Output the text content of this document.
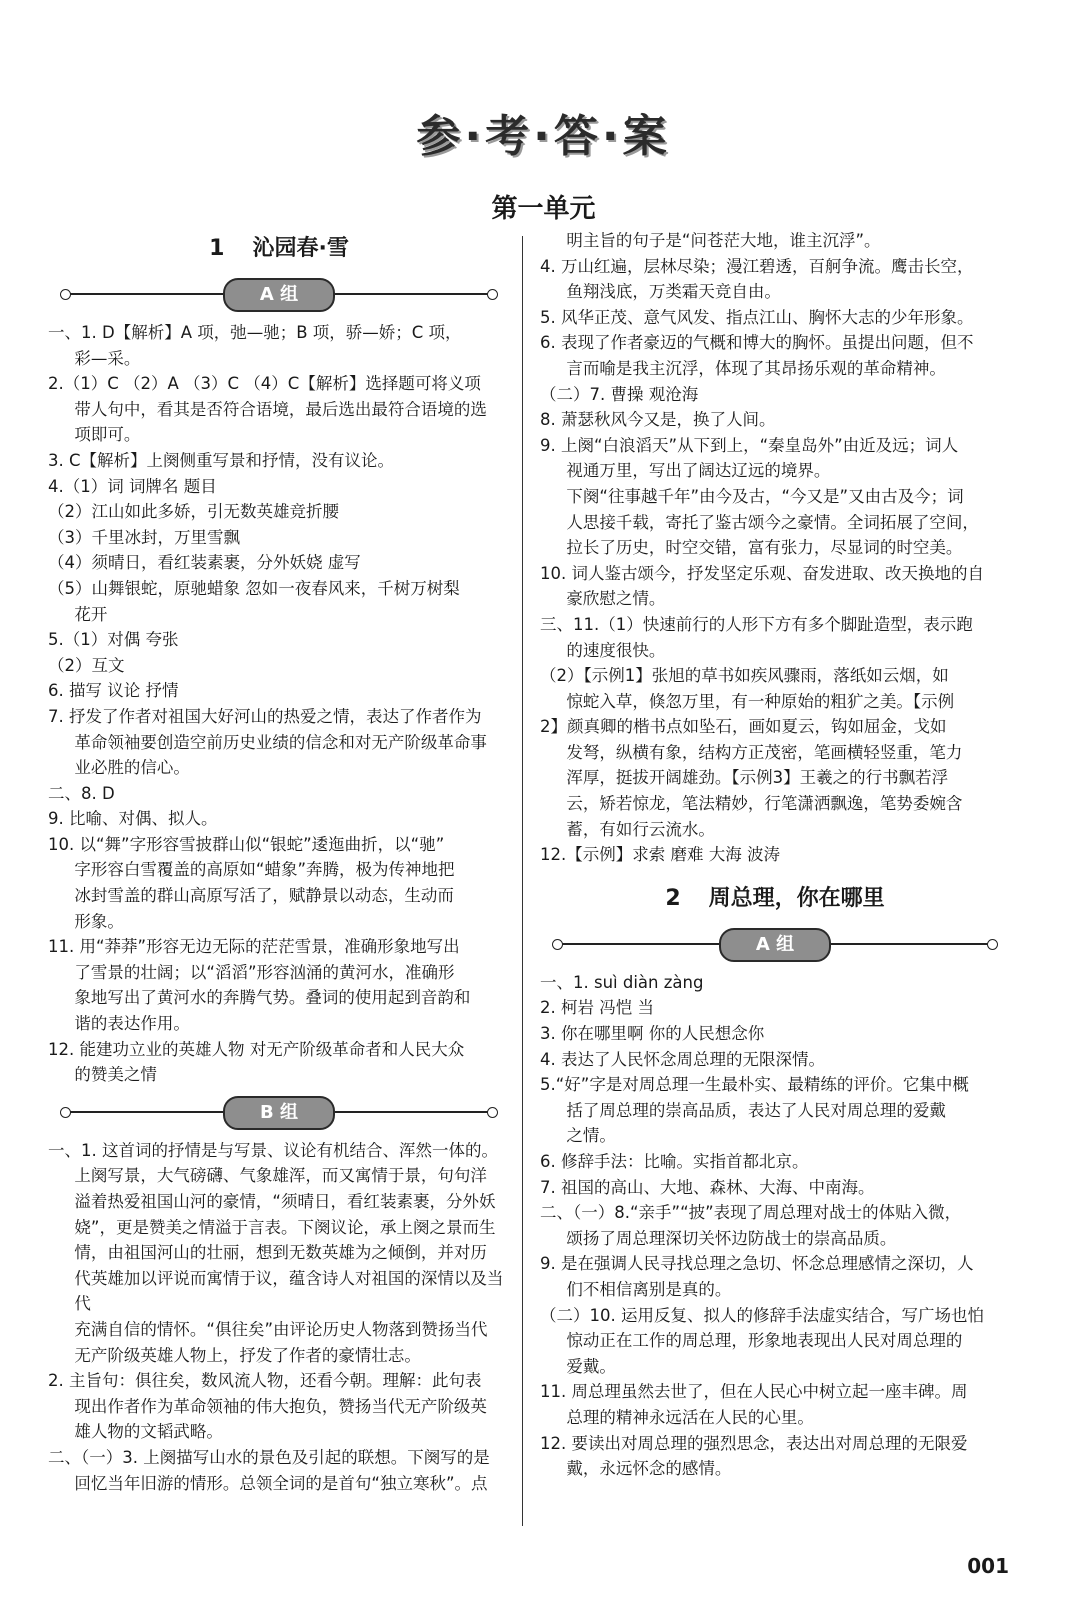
参·考·答·案
第一单元
1 沁园春·雪
A 组
一、1. D【解析】A 项，弛—驰；B 项，骄—娇；C 项，
彩—采。
2.（1）C （2）A （3）C （4）C【解析】选择题可将义项
带人句中，看其是否符合语境，最后选出最符合语境的选
项即可。
3. C【解析】上阕侧重写景和抒情，没有议论。
4.（1）词 词牌名 题目
（2）江山如此多娇，引无数英雄竞折腰
（3）千里冰封，万里雪飘
（4）须晴日，看红装素裹，分外妖娆 虚写
（5）山舞银蛇，原驰蜡象 忽如一夜春风来，千树万树梨
花开
5.（1）对偶 夸张
（2）互文
6. 描写 议论 抒情
7. 抒发了作者对祖国大好河山的热爱之情，表达了作者作为
革命领袖要创造空前历史业绩的信念和对无产阶级革命事
业必胜的信心。
二、8. D
9. 比喻、对偶、拟人。
10. 以“舞”字形容雪披群山似“银蛇”逶迤曲折，以“驰”
字形容白雪覆盖的高原如“蜡象”奔腾，极为传神地把
冰封雪盖的群山高原写活了，赋静景以动态，生动而
形象。
11. 用“莽莽”形容无边无际的茫茫雪景，准确形象地写出
了雪景的壮阔；以“滔滔”形容汹涌的黄河水，准确形
象地写出了黄河水的奔腾气势。叠词的使用起到音韵和
谐的表达作用。
12. 能建功立业的英雄人物 对无产阶级革命者和人民大众
的赞美之情
B 组
一、1. 这首词的抒情是与写景、议论有机结合、浑然一体的。
上阕写景，大气磅礴、气象雄浑，而又寓情于景，句句洋
溢着热爱祖国山河的豪情，“须晴日，看红装素裹，分外妖
娆”，更是赞美之情溢于言表。下阕议论，承上阕之景而生
情，由祖国河山的壮丽，想到无数英雄为之倾倒，并对历
代英雄加以评说而寓情于议，蕴含诗人对祖国的深情以及当代
充满自信的情怀。“俱往矣”由评论历史人物落到赞扬当代
无产阶级英雄人物上，抒发了作者的豪情壮志。
2. 主旨句：俱往矣，数风流人物，还看今朝。理解：此句表
现出作者作为革命领袖的伟大抱负，赞扬当代无产阶级英
雄人物的文韬武略。
二、（一）3. 上阕描写山水的景色及引起的联想。下阕写的是
回忆当年旧游的情形。总领全词的是首句“独立寒秋”。点
明主旨的句子是“问苍茫大地，谁主沉浮”。
4. 万山红遍，层林尽染；漫江碧透，百舸争流。鹰击长空，
鱼翔浅底，万类霜天竞自由。
5. 风华正茂、意气风发、指点江山、胸怀大志的少年形象。
6. 表现了作者豪迈的气概和博大的胸怀。虽提出问题，但不
言而喻是我主沉浮，体现了其昂扬乐观的革命精神。
（二）7. 曹操 观沧海
8. 萧瑟秋风今又是，换了人间。
9. 上阕“白浪滔天”从下到上，“秦皇岛外”由近及远；词人
视通万里，写出了阔达辽远的境界。
下阕“往事越千年”由今及古，“今又是”又由古及今；词
人思接千载，寄托了鉴古颂今之豪情。全词拓展了空间，
拉长了历史，时空交错，富有张力，尽显词的时空美。
10. 词人鉴古颂今，抒发坚定乐观、奋发进取、改天换地的自
豪欣慰之情。
三、11.（1）快速前行的人形下方有多个脚趾造型，表示跑
的速度很快。
（2）【示例1】张旭的草书如疾风骤雨，落纸如云烟，如
惊蛇入草，倏忽万里，有一种原始的粗犷之美。【示例
2】颜真卿的楷书点如坠石，画如夏云，钩如屈金，戈如
发弩，纵横有象，结构方正茂密，笔画横轻竖重，笔力
浑厚，挺拔开阔雄劲。【示例3】王羲之的行书飘若浮
云，矫若惊龙，笔法精妙，行笔潇洒飘逸，笔势委婉含
蓄，有如行云流水。
12.【示例】求索 磨难 大海 波涛
2 周总理，你在哪里
A 组
一、1. suì diàn zàng
2. 柯岩 冯恺 当
3. 你在哪里啊 你的人民想念你
4. 表达了人民怀念周总理的无限深情。
5.“好”字是对周总理一生最朴实、最精练的评价。它集中概
括了周总理的崇高品质，表达了人民对周总理的爱戴
之情。
6. 修辞手法：比喻。实指首都北京。
7. 祖国的高山、大地、森林、大海、中南海。
二、（一）8.“亲手”“披”表现了周总理对战士的体贴入微，
颂扬了周总理深切关怀边防战士的崇高品质。
9. 是在强调人民寻找总理之急切、怀念总理感情之深切，人
们不相信离别是真的。
（二）10. 运用反复、拟人的修辞手法虚实结合，写广场也怕
惊动正在工作的周总理，形象地表现出人民对周总理的
爱戴。
11. 周总理虽然去世了，但在人民心中树立起一座丰碑。周
总理的精神永远活在人民的心里。
12. 要读出对周总理的强烈思念，表达出对周总理的无限爱
戴，永远怀念的感情。
001
